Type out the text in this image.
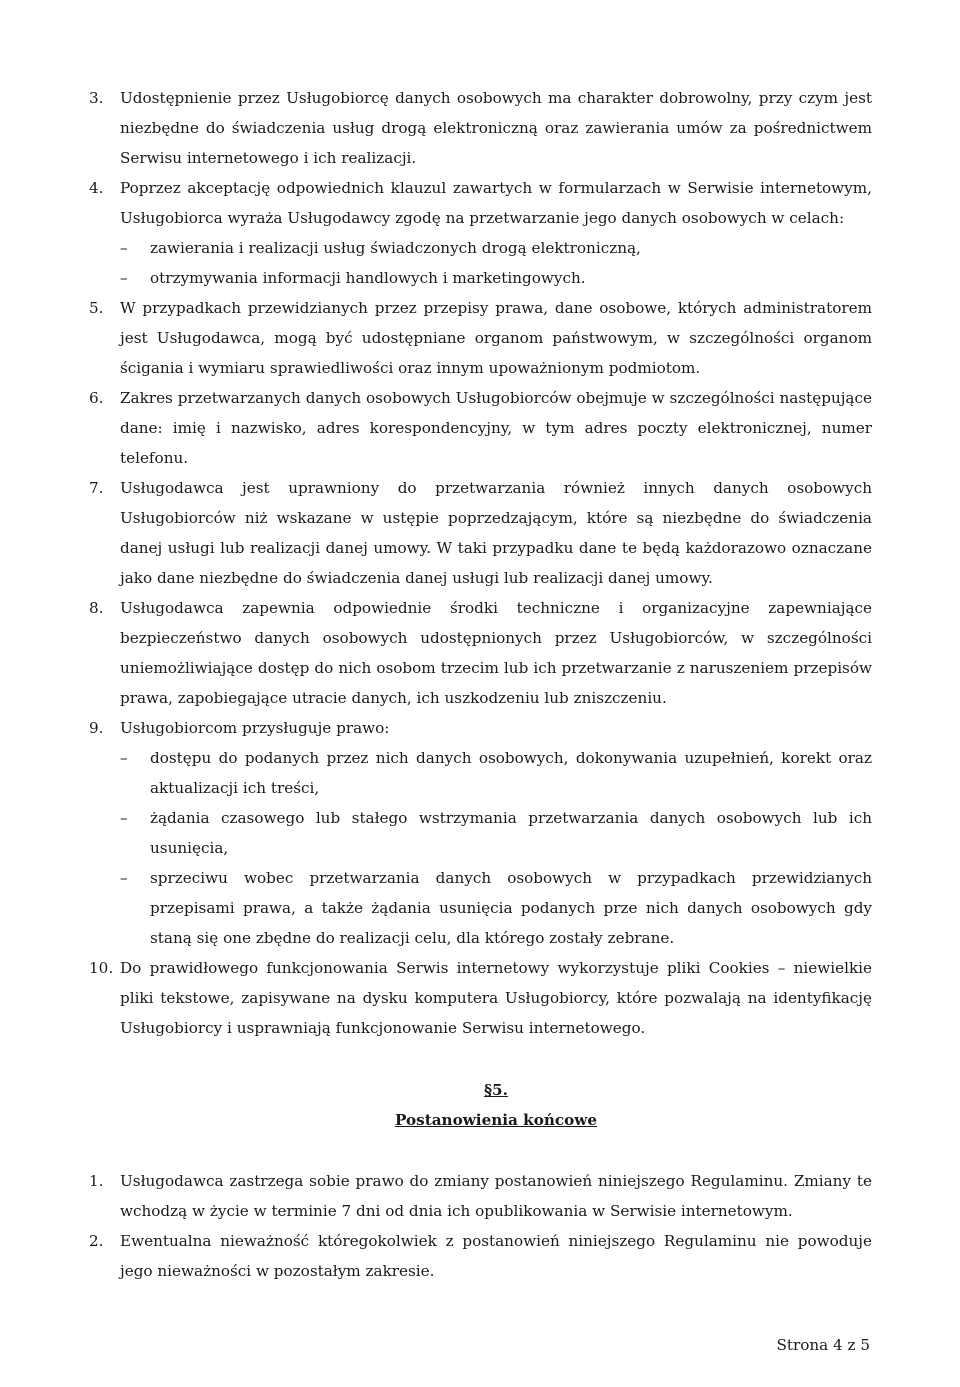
3. Udostępnienie przez Usługobiorcę danych osobowych ma charakter dobrowolny, przy czym jest niezbędne do świadczenia usług drogą elektroniczną oraz zawierania umów za pośrednictwem Serwisu internetowego i ich realizacji.
4. Poprzez akceptację odpowiednich klauzul zawartych w formularzach w Serwisie internetowym, Usługobiorca wyraża Usługodawcy zgodę na przetwarzanie jego danych osobowych w celach:
– zawierania i realizacji usług świadczonych drogą elektroniczną,
– otrzymywania informacji handlowych i marketingowych.
5. W przypadkach przewidzianych przez przepisy prawa, dane osobowe, których administratorem jest Usługodawca, mogą być udostępniane organom państwowym, w szczególności organom ścigania i wymiaru sprawiedliwości oraz innym upoważnionym podmiotom.
6. Zakres przetwarzanych danych osobowych Usługobiorców obejmuje w szczególności następujące dane: imię i nazwisko, adres korespondencyjny, w tym adres poczty elektronicznej, numer telefonu.
7. Usługodawca jest uprawniony do przetwarzania również innych danych osobowych Usługobiorców niż wskazane w ustępie poprzedzającym, które są niezbędne do świadczenia danej usługi lub realizacji danej umowy. W taki przypadku dane te będą każdorazowo oznaczane jako dane niezbędne do świadczenia danej usługi lub realizacji danej umowy.
8. Usługodawca zapewnia odpowiednie środki techniczne i organizacyjne zapewniające bezpieczeństwo danych osobowych udostępnionych przez Usługobiorców, w szczególności uniemożliwiające dostęp do nich osobom trzecim lub ich przetwarzanie z naruszeniem przepisów prawa, zapobiegające utracie danych, ich uszkodzeniu lub zniszczeniu.
9. Usługobiorcom przysługuje prawo:
– dostępu do podanych przez nich danych osobowych, dokonywania uzupełnień, korekt oraz aktualizacji ich treści,
– żądania czasowego lub stałego wstrzymania przetwarzania danych osobowych lub ich usunięcia,
– sprzeciwu wobec przetwarzania danych osobowych w przypadkach przewidzianych przepisami prawa, a także żądania usunięcia podanych prze nich danych osobowych gdy staną się one zbędne do realizacji celu, dla którego zostały zebrane.
10. Do prawidłowego funkcjonowania Serwis internetowy wykorzystuje pliki Cookies – niewielkie pliki tekstowe, zapisywane na dysku komputera Usługobiorcy, które pozwalają na identyfikację Usługobiorcy i usprawniają funkcjonowanie Serwisu internetowego.
§5.
Postanowienia końcowe
1. Usługodawca zastrzega sobie prawo do zmiany postanowień niniejszego Regulaminu. Zmiany te wchodzą w życie w terminie 7 dni od dnia ich opublikowania w Serwisie internetowym.
2. Ewentualna nieważność któregokolwiek z postanowień niniejszego Regulaminu nie powoduje jego nieważności w pozostałym zakresie.
Strona 4 z 5
